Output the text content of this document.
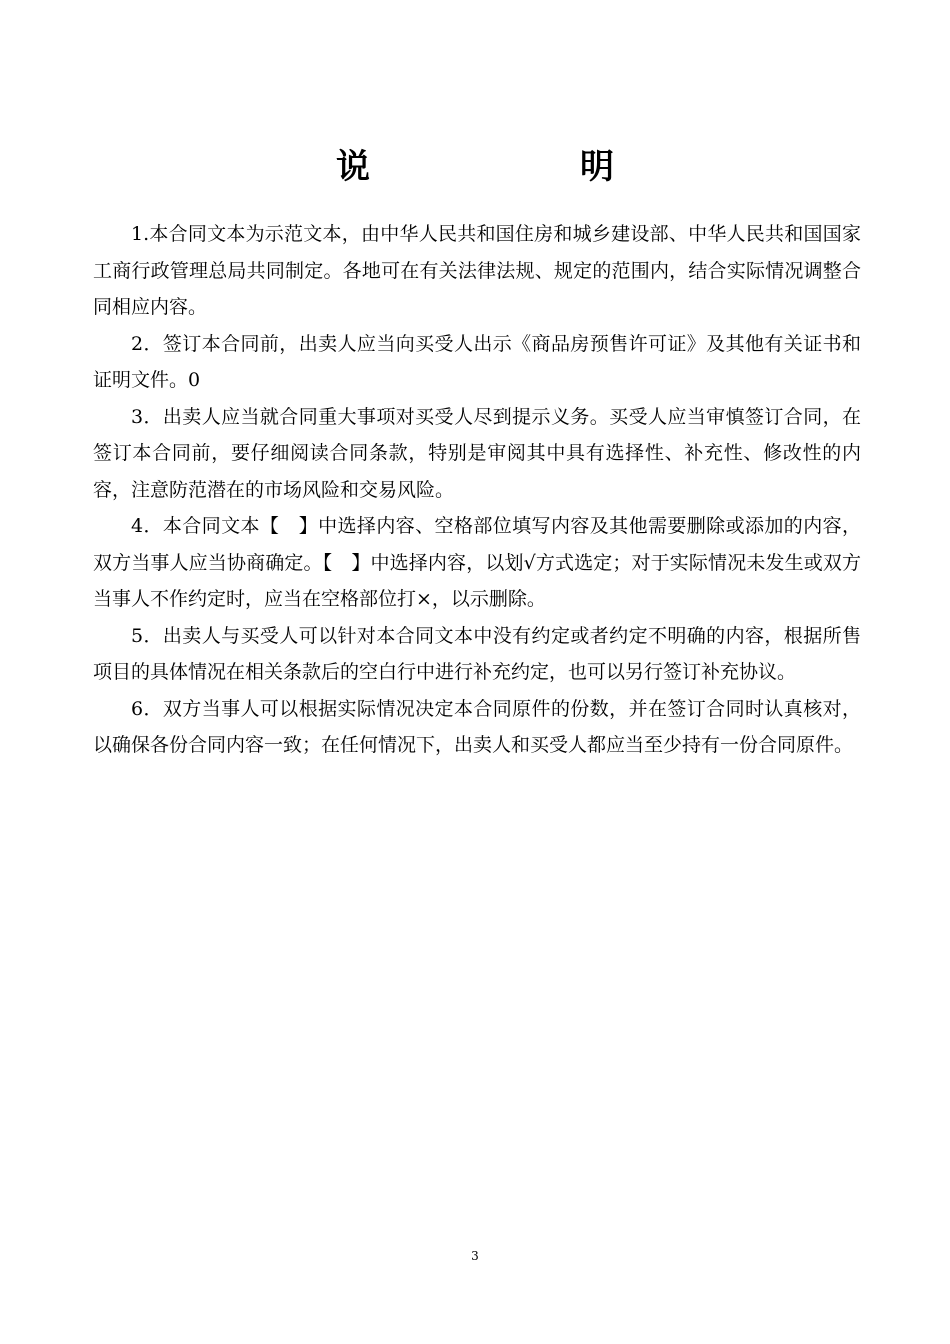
说　明

1.本合同文本为示范文本，由中华人民共和国住房和城乡建设部、中华人民共和国国家工商行政管理总局共同制定。各地可在有关法律法规、规定的范围内，结合实际情况调整合同相应内容。

2．签订本合同前，出卖人应当向买受人出示《商品房预售许可证》及其他有关证书和证明文件。0

3．出卖人应当就合同重大事项对买受人尽到提示义务。买受人应当审慎签订合同，在签订本合同前，要仔细阅读合同条款，特别是审阅其中具有选择性、补充性、修改性的内容，注意防范潜在的市场风险和交易风险。

4．本合同文本【　】中选择内容、空格部位填写内容及其他需要删除或添加的内容，双方当事人应当协商确定。【　】中选择内容，以划√方式选定；对于实际情况未发生或双方当事人不作约定时，应当在空格部位打×，以示删除。

5．出卖人与买受人可以针对本合同文本中没有约定或者约定不明确的内容，根据所售项目的具体情况在相关条款后的空白行中进行补充约定，也可以另行签订补充协议。

6．双方当事人可以根据实际情况决定本合同原件的份数，并在签订合同时认真核对，以确保各份合同内容一致；在任何情况下，出卖人和买受人都应当至少持有一份合同原件。

3
